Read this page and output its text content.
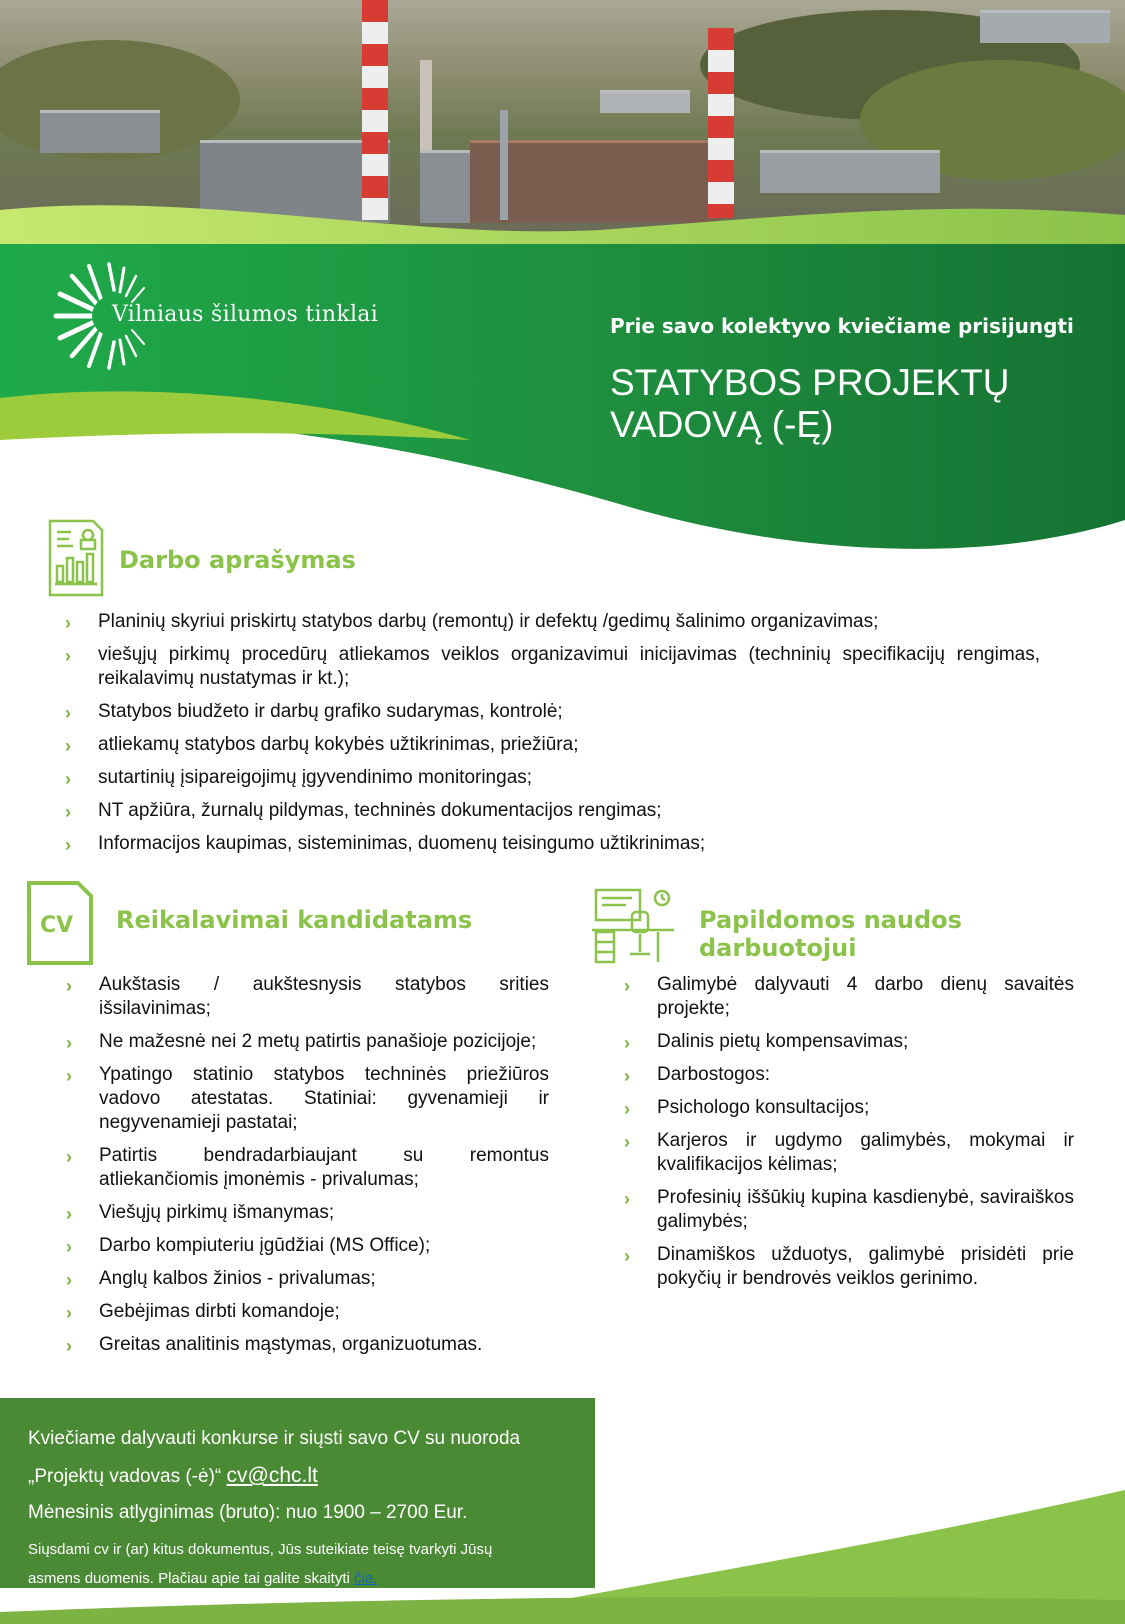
Vilniaus šilumos tinklai	Prie savo kolektyvo kviečiame prisijungti
STATYBOS PROJEKTŲ
VADOVĄ (-Ę)
Darbo aprašymas
› Planinių skyriui priskirtų statybos darbų (remontų) ir defektų /gedimų šalinimo organizavimas;
› viešųjų pirkimų procedūrų atliekamos veiklos organizavimui inicijavimas (techninių specifikacijų rengimas, reikalavimų nustatymas ir kt.);
› Statybos biudžeto ir darbų grafiko sudarymas, kontrolė;
› atliekamų statybos darbų kokybės užtikrinimas, priežiūra;
› sutartinių įsipareigojimų įgyvendinimo monitoringas;
› NT apžiūra, žurnalų pildymas, techninės dokumentacijos rengimas;
› Informacijos kaupimas, sisteminimas, duomenų teisingumo užtikrinimas;
CV Reikalavimai kandidatams
› Aukštasis / aukštesnysis statybos srities išsilavinimas;
› Ne mažesnė nei 2 metų patirtis panašioje pozicijoje;
› Ypatingo statinio statybos techninės priežiūros vadovo atestatas. Statiniai: gyvenamieji ir negyvenamieji pastatai;
› Patirtis bendradarbiaujant su remontus atliekančiomis įmonėmis - privalumas;
› Viešųjų pirkimų išmanymas;
› Darbo kompiuteriu įgūdžiai (MS Office);
› Anglų kalbos žinios - privalumas;
› Gebėjimas dirbti komandoje;
› Greitas analitinis mąstymas, organizuotumas.
Papildomos naudos darbuotojui
› Galimybė dalyvauti 4 darbo dienų savaitės projekte;
› Dalinis pietų kompensavimas;
› Darbostogos:
› Psichologo konsultacijos;
› Karjeros ir ugdymo galimybės, mokymai ir kvalifikacijos kėlimas;
› Profesinių iššūkių kupina kasdienybė, saviraiškos galimybės;
› Dinamiškos užduotys, galimybė prisidėti prie pokyčių ir bendrovės veiklos gerinimo.
Kviečiame dalyvauti konkurse ir siųsti savo CV su nuoroda
„Projektų vadovas (-ė)“ cv@chc.lt
Mėnesinis atlyginimas (bruto): nuo 1900 – 2700 Eur.
Siųsdami cv ir (ar) kitus dokumentus, Jūs suteikiate teisę tvarkyti Jūsų
asmens duomenis. Plačiau apie tai galite skaityti čia.
